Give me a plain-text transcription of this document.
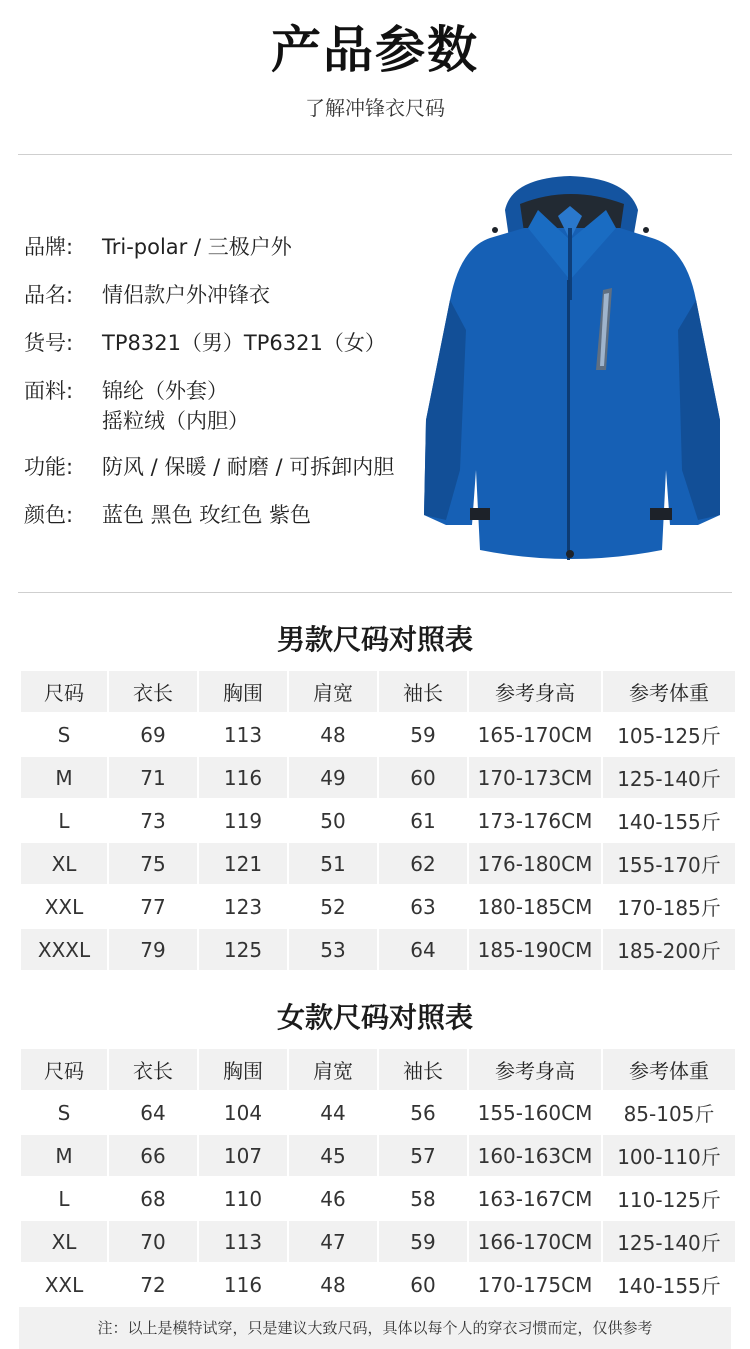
产品参数
了解冲锋衣尺码
品牌:	Tri-polar / 三极户外
品名:	情侣款户外冲锋衣
货号:	TP8321（男）TP6321（女）
面料:	锦纶（外套）
摇粒绒（内胆）
功能:	防风 / 保暖 / 耐磨 / 可拆卸内胆
颜色:	蓝色 黑色 玫红色 紫色
男款尺码对照表
尺码	衣长	胸围	肩宽	袖长	参考身高	参考体重
S	69	113	48	59	165-170CM	105-125斤
M	71	116	49	60	170-173CM	125-140斤
L	73	119	50	61	173-176CM	140-155斤
XL	75	121	51	62	176-180CM	155-170斤
XXL	77	123	52	63	180-185CM	170-185斤
XXXL	79	125	53	64	185-190CM	185-200斤
女款尺码对照表
尺码	衣长	胸围	肩宽	袖长	参考身高	参考体重
S	64	104	44	56	155-160CM	85-105斤
M	66	107	45	57	160-163CM	100-110斤
L	68	110	46	58	163-167CM	110-125斤
XL	70	113	47	59	166-170CM	125-140斤
XXL	72	116	48	60	170-175CM	140-155斤
注：以上是模特试穿，只是建议大致尺码，具体以每个人的穿衣习惯而定，仅供参考
